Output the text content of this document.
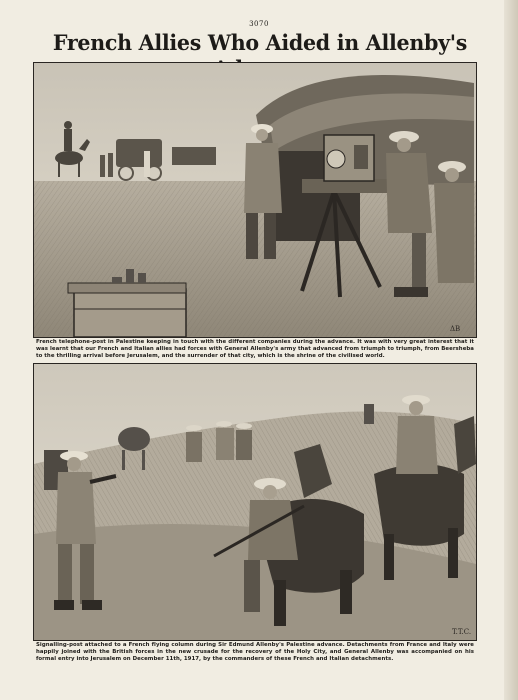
3070
French Allies Who Aided in Allenby's
ΔB

French telephone-post in Palestine keeping in touch with the different companies during the advance. It was with very great interest that it was learnt that our French and Italian allies had forces with General Allenby's army that advanced from triumph to triumph, from Beersheba to the thrilling arrival before Jerusalem, and the surrender of that city, which is the shrine of the civilised world.

T.T.C.

Signalling-post attached to a French flying column during Sir Edmund Allenby's Palestine advance. Detachments from France and Italy were happily joined with the British forces in the new crusade for the recovery of the Holy City, and General Allenby was accompanied on his formal entry into Jerusalem on December 11th, 1917, by the commanders of these French and Italian detachments.
